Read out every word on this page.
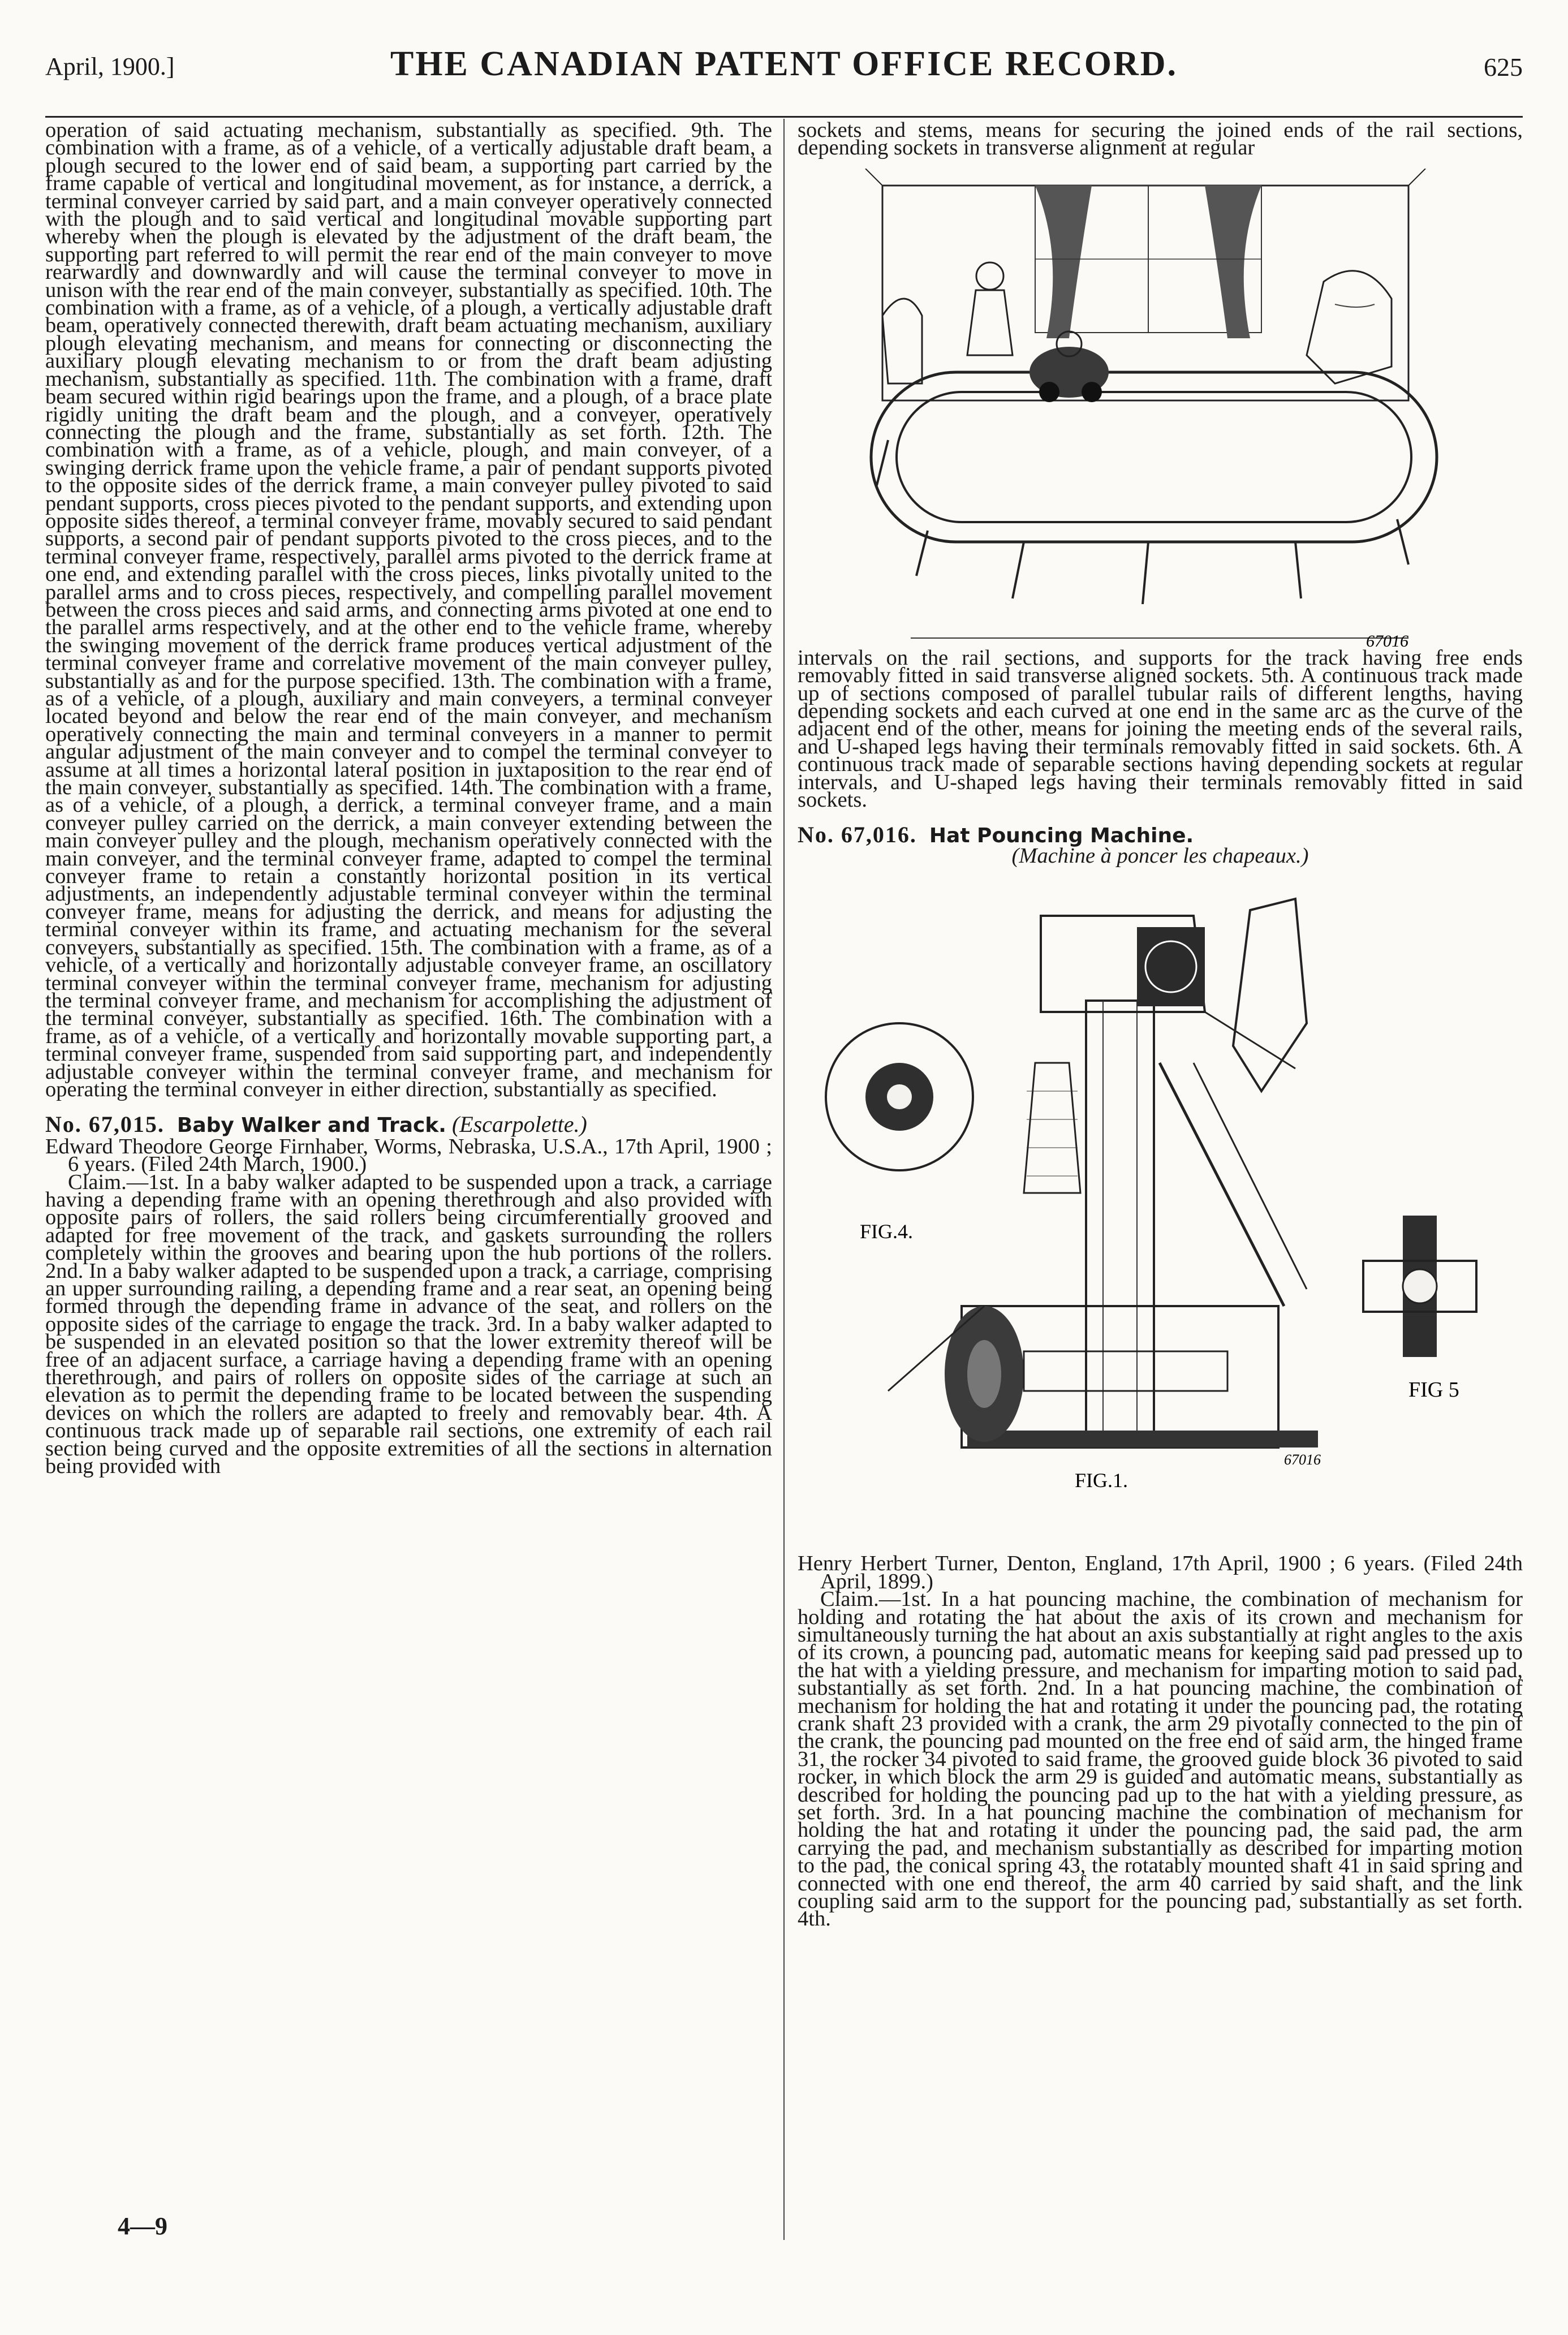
April, 1900.]	THE CANADIAN PATENT OFFICE RECORD.	625

operation of said actuating mechanism, substantially as specified. 9th. The combination with a frame, as of a vehicle, of a vertically adjustable draft beam, a plough secured to the lower end of said beam, a supporting part carried by the frame capable of vertical and longitudinal movement, as for instance, a derrick, a terminal conveyer carried by said part, and a main conveyer operatively connected with the plough and to said vertical and longitudinal movable supporting part whereby when the plough is elevated by the adjustment of the draft beam, the supporting part referred to will permit the rear end of the main conveyer to move rearwardly and downwardly and will cause the terminal conveyer to move in unison with the rear end of the main conveyer, substantially as specified. 10th. The combination with a frame, as of a vehicle, of a plough, a vertically adjustable draft beam, operatively connected therewith, draft beam actuating mechanism, auxiliary plough elevating mechanism, and means for connecting or disconnecting the auxiliary plough elevating mechanism to or from the draft beam adjusting mechanism, substantially as specified. 11th. The combination with a frame, draft beam secured within rigid bearings upon the frame, and a plough, of a brace plate rigidly uniting the draft beam and the plough, and a conveyer, operatively connecting the plough and the frame, substantially as set forth. 12th. The combination with a frame, as of a vehicle, plough, and main conveyer, of a swinging derrick frame upon the vehicle frame, a pair of pendant supports pivoted to the opposite sides of the derrick frame, a main conveyer pulley pivoted to said pendant supports, cross pieces pivoted to the pendant supports, and extending upon opposite sides thereof, a terminal conveyer frame, movably secured to said pendant supports, a second pair of pendant supports pivoted to the cross pieces, and to the terminal conveyer frame, respectively, parallel arms pivoted to the derrick frame at one end, and extending parallel with the cross pieces, links pivotally united to the parallel arms and to cross pieces, respectively, and compelling parallel movement between the cross pieces and said arms, and connecting arms pivoted at one end to the parallel arms respectively, and at the other end to the vehicle frame, whereby the swinging movement of the derrick frame produces vertical adjustment of the terminal conveyer frame and correlative movement of the main conveyer pulley, substantially as and for the purpose specified. 13th. The combination with a frame, as of a vehicle, of a plough, auxiliary and main conveyers, a terminal conveyer located beyond and below the rear end of the main conveyer, and mechanism operatively connecting the main and terminal conveyers in a manner to permit angular adjustment of the main conveyer and to compel the terminal conveyer to assume at all times a horizontal lateral position in juxtaposition to the rear end of the main conveyer, substantially as specified. 14th. The combination with a frame, as of a vehicle, of a plough, a derrick, a terminal conveyer frame, and a main conveyer pulley carried on the derrick, a main conveyer extending between the main conveyer pulley and the plough, mechanism operatively connected with the main conveyer, and the terminal conveyer frame, adapted to compel the terminal conveyer frame to retain a constantly horizontal position in its vertical adjustments, an independently adjustable terminal conveyer within the terminal conveyer frame, means for adjusting the derrick, and means for adjusting the terminal conveyer within its frame, and actuating mechanism for the several conveyers, substantially as specified. 15th. The combination with a frame, as of a vehicle, of a vertically and horizontally adjustable conveyer frame, an oscillatory terminal conveyer within the terminal conveyer frame, mechanism for adjusting the terminal conveyer frame, and mechanism for accomplishing the adjustment of the terminal conveyer, substantially as specified. 16th. The combination with a frame, as of a vehicle, of a vertically and horizontally movable supporting part, a terminal conveyer frame, suspended from said supporting part, and independently adjustable conveyer within the terminal conveyer frame, and mechanism for operating the terminal conveyer in either direction, substantially as specified.

No. 67,015. Baby Walker and Track. (Escarpolette.)

Edward Theodore George Firnhaber, Worms, Nebraska, U.S.A., 17th April, 1900 ; 6 years. (Filed 24th March, 1900.)

Claim.—1st. In a baby walker adapted to be suspended upon a track, a carriage having a depending frame with an opening therethrough and also provided with opposite pairs of rollers, the said rollers being circumferentially grooved and adapted for free movement of the track, and gaskets surrounding the rollers completely within the grooves and bearing upon the hub portions of the rollers. 2nd. In a baby walker adapted to be suspended upon a track, a carriage, comprising an upper surrounding railing, a depending frame and a rear seat, an opening being formed through the depending frame in advance of the seat, and rollers on the opposite sides of the carriage to engage the track. 3rd. In a baby walker adapted to be suspended in an elevated position so that the lower extremity thereof will be free of an adjacent surface, a carriage having a depending frame with an opening therethrough, and pairs of rollers on opposite sides of the carriage at such an elevation as to permit the depending frame to be located between the suspending devices on which the rollers are adapted to freely and removably bear. 4th. A continuous track made up of separable rail sections, one extremity of each rail section being curved and the opposite extremities of all the sections in alternation being provided with

4—9

sockets and stems, means for securing the joined ends of the rail sections, depending sockets in transverse alignment at regular

67016

intervals on the rail sections, and supports for the track having free ends removably fitted in said transverse aligned sockets. 5th. A continuous track made up of sections composed of parallel tubular rails of different lengths, having depending sockets and each curved at one end in the same arc as the curve of the adjacent end of the other, means for joining the meeting ends of the several rails, and U-shaped legs having their terminals removably fitted in said sockets. 6th. A continuous track made of separable sections having depending sockets at regular intervals, and U-shaped legs having their terminals removably fitted in said sockets.

No. 67,016. Hat Pouncing Machine.

(Machine à poncer les chapeaux.)

FIG.4.
FIG 5
FIG.1.
67016

Henry Herbert Turner, Denton, England, 17th April, 1900 ; 6 years. (Filed 24th April, 1899.)

Claim.—1st. In a hat pouncing machine, the combination of mechanism for holding and rotating the hat about the axis of its crown and mechanism for simultaneously turning the hat about an axis substantially at right angles to the axis of its crown, a pouncing pad, automatic means for keeping said pad pressed up to the hat with a yielding pressure, and mechanism for imparting motion to said pad, substantially as set forth. 2nd. In a hat pouncing machine, the combination of mechanism for holding the hat and rotating it under the pouncing pad, the rotating crank shaft 23 provided with a crank, the arm 29 pivotally connected to the pin of the crank, the pouncing pad mounted on the free end of said arm, the hinged frame 31, the rocker 34 pivoted to said frame, the grooved guide block 36 pivoted to said rocker, in which block the arm 29 is guided and automatic means, substantially as described for holding the pouncing pad up to the hat with a yielding pressure, as set forth. 3rd. In a hat pouncing machine the combination of mechanism for holding the hat and rotating it under the pouncing pad, the said pad, the arm carrying the pad, and mechanism substantially as described for imparting motion to the pad, the conical spring 43, the rotatably mounted shaft 41 in said spring and connected with one end thereof, the arm 40 carried by said shaft, and the link coupling said arm to the support for the pouncing pad, substantially as set forth. 4th.
